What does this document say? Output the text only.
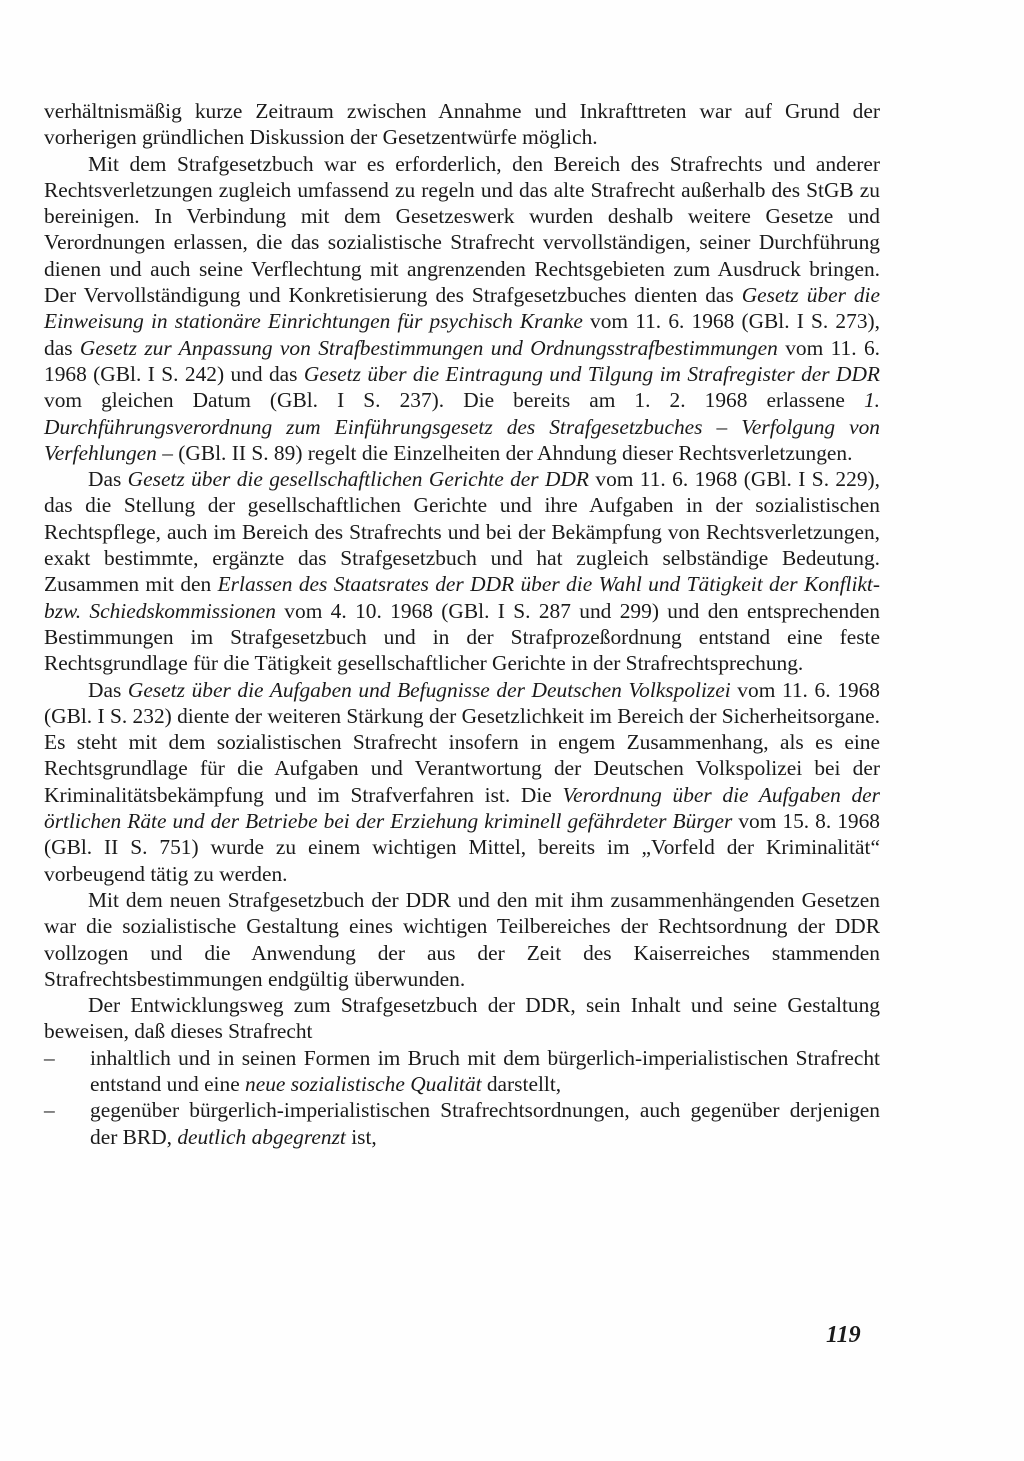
verhältnismäßig kurze Zeitraum zwischen Annahme und Inkrafttreten war auf Grund der vorherigen gründlichen Diskussion der Gesetzentwürfe möglich.

Mit dem Strafgesetzbuch war es erforderlich, den Bereich des Strafrechts und anderer Rechtsverletzungen zugleich umfassend zu regeln und das alte Strafrecht außerhalb des StGB zu bereinigen. In Verbindung mit dem Gesetzeswerk wurden deshalb weitere Gesetze und Verordnungen erlassen, die das sozialistische Strafrecht vervollständigen, seiner Durchführung dienen und auch seine Verflechtung mit angrenzenden Rechtsgebieten zum Ausdruck bringen. Der Vervollständigung und Konkretisierung des Strafgesetzbuches dienten das Gesetz über die Einweisung in stationäre Einrichtungen für psychisch Kranke vom 11. 6. 1968 (GBl. I S. 273), das Gesetz zur Anpassung von Strafbestimmungen und Ordnungsstrafbestimmungen vom 11. 6. 1968 (GBl. I S. 242) und das Gesetz über die Eintragung und Tilgung im Strafregister der DDR vom gleichen Datum (GBl. I S. 237). Die bereits am 1. 2. 1968 erlassene 1. Durchführungsverordnung zum Einführungsgesetz des Strafgesetzbuches – Verfolgung von Verfehlungen – (GBl. II S. 89) regelt die Einzelheiten der Ahndung dieser Rechtsverletzungen.

Das Gesetz über die gesellschaftlichen Gerichte der DDR vom 11. 6. 1968 (GBl. I S. 229), das die Stellung der gesellschaftlichen Gerichte und ihre Aufgaben in der sozialistischen Rechtspflege, auch im Bereich des Strafrechts und bei der Bekämpfung von Rechtsverletzungen, exakt bestimmte, ergänzte das Strafgesetzbuch und hat zugleich selbständige Bedeutung. Zusammen mit den Erlassen des Staatsrates der DDR über die Wahl und Tätigkeit der Konflikt- bzw. Schiedskommissionen vom 4. 10. 1968 (GBl. I S. 287 und 299) und den entsprechenden Bestimmungen im Strafgesetzbuch und in der Strafprozeßordnung entstand eine feste Rechtsgrundlage für die Tätigkeit gesellschaftlicher Gerichte in der Strafrechtsprechung.

Das Gesetz über die Aufgaben und Befugnisse der Deutschen Volkspolizei vom 11. 6. 1968 (GBl. I S. 232) diente der weiteren Stärkung der Gesetzlichkeit im Bereich der Sicherheitsorgane. Es steht mit dem sozialistischen Strafrecht insofern in engem Zusammenhang, als es eine Rechtsgrundlage für die Aufgaben und Verantwortung der Deutschen Volkspolizei bei der Kriminalitätsbekämpfung und im Strafverfahren ist. Die Verordnung über die Aufgaben der örtlichen Räte und der Betriebe bei der Erziehung kriminell gefährdeter Bürger vom 15. 8. 1968 (GBl. II S. 751) wurde zu einem wichtigen Mittel, bereits im „Vorfeld der Kriminalität“ vorbeugend tätig zu werden.

Mit dem neuen Strafgesetzbuch der DDR und den mit ihm zusammenhängenden Gesetzen war die sozialistische Gestaltung eines wichtigen Teilbereiches der Rechtsordnung der DDR vollzogen und die Anwendung der aus der Zeit des Kaiserreiches stammenden Strafrechtsbestimmungen endgültig überwunden.

Der Entwicklungsweg zum Strafgesetzbuch der DDR, sein Inhalt und seine Gestaltung beweisen, daß dieses Strafrecht

– inhaltlich und in seinen Formen im Bruch mit dem bürgerlich-imperialistischen Strafrecht entstand und eine neue sozialistische Qualität darstellt,
– gegenüber bürgerlich-imperialistischen Strafrechtsordnungen, auch gegenüber derjenigen der BRD, deutlich abgegrenzt ist,
119
